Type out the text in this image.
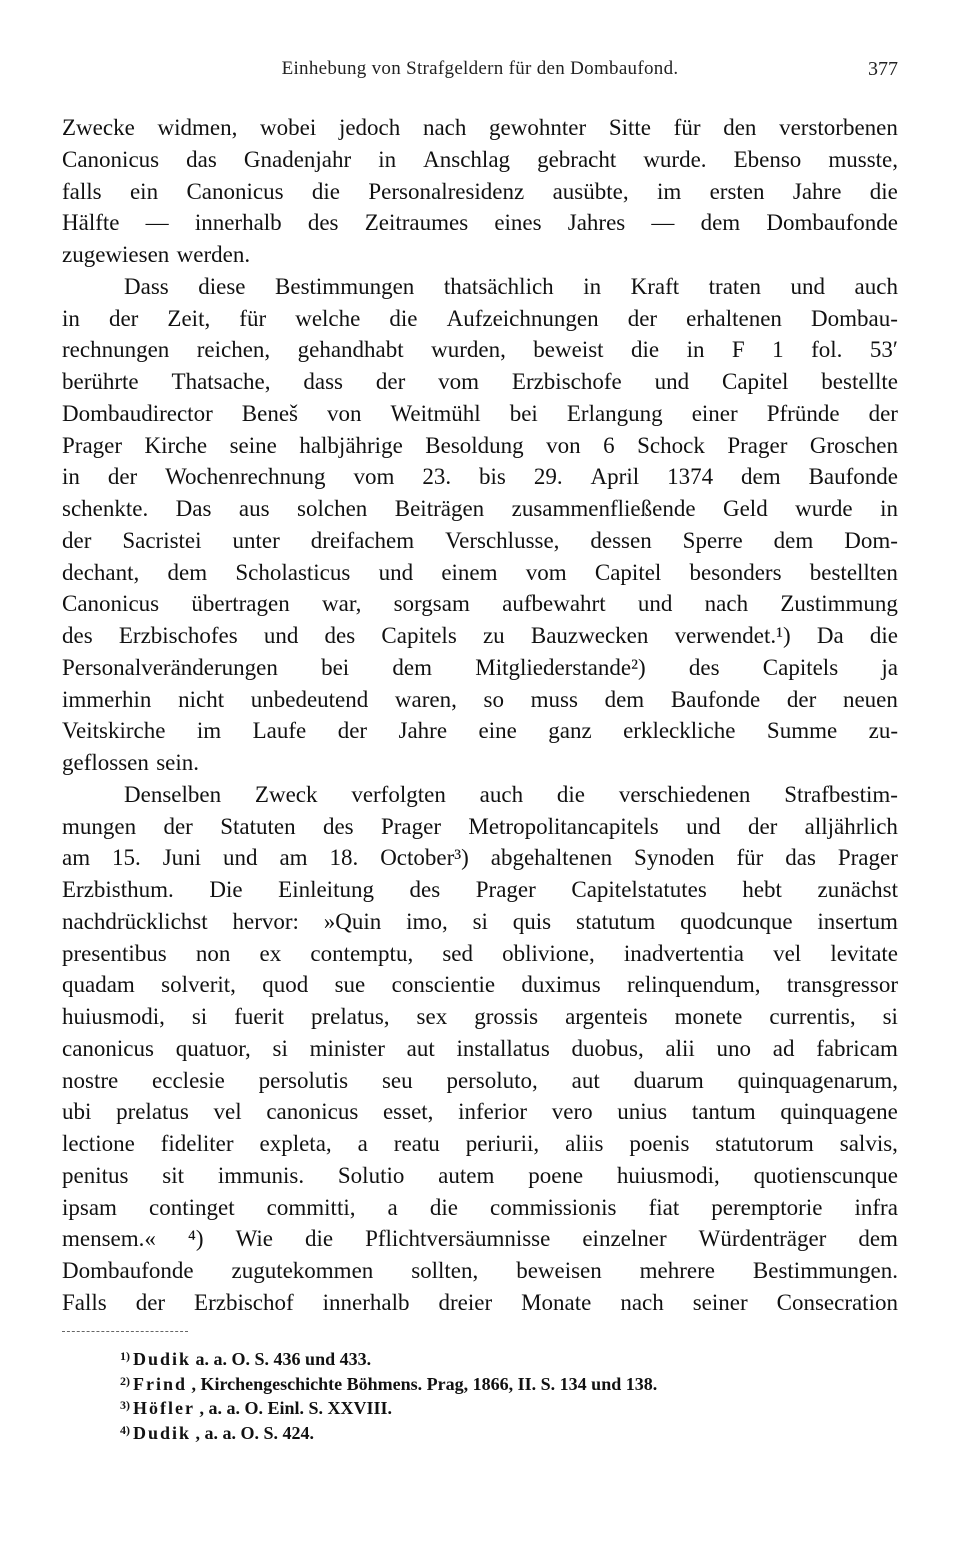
Einhebung von Strafgeldern für den Dombaufond.	377
Zwecke widmen, wobei jedoch nach gewohnter Sitte für den verstorbenen
Canonicus das Gnadenjahr in Anschlag gebracht wurde. Ebenso musste,
falls ein Canonicus die Personalresidenz ausübte, im ersten Jahre die
Hälfte — innerhalb des Zeitraumes eines Jahres — dem Dombaufonde
zugewiesen werden.
Dass diese Bestimmungen thatsächlich in Kraft traten und auch
in der Zeit, für welche die Aufzeichnungen der erhaltenen Dombau-
rechnungen reichen, gehandhabt wurden, beweist die in F 1 fol. 53′
berührte Thatsache, dass der vom Erzbischofe und Capitel bestellte
Dombaudirector Beneš von Weitmühl bei Erlangung einer Pfründe der
Prager Kirche seine halbjährige Besoldung von 6 Schock Prager Groschen
in der Wochenrechnung vom 23. bis 29. April 1374 dem Baufonde
schenkte. Das aus solchen Beiträgen zusammenfließende Geld wurde in
der Sacristei unter dreifachem Verschlusse, dessen Sperre dem Dom-
dechant, dem Scholasticus und einem vom Capitel besonders bestellten
Canonicus übertragen war, sorgsam aufbewahrt und nach Zustimmung
des Erzbischofes und des Capitels zu Bauzwecken verwendet.¹) Da die
Personalveränderungen bei dem Mitgliederstande²) des Capitels ja
immerhin nicht unbedeutend waren, so muss dem Baufonde der neuen
Veitskirche im Laufe der Jahre eine ganz erkleckliche Summe zu-
geflossen sein.
Denselben Zweck verfolgten auch die verschiedenen Strafbestim-
mungen der Statuten des Prager Metropolitancapitels und der alljährlich
am 15. Juni und am 18. October³) abgehaltenen Synoden für das Prager
Erzbisthum. Die Einleitung des Prager Capitelstatutes hebt zunächst
nachdrücklichst hervor: »Quin imo, si quis statutum quodcunque insertum
presentibus non ex contemptu, sed oblivione, inadvertentia vel levitate
quadam solverit, quod sue conscientie duximus relinquendum, transgressor
huiusmodi, si fuerit prelatus, sex grossis argenteis monete currentis, si
canonicus quatuor, si minister aut installatus duobus, alii uno ad fabricam
nostre ecclesie persolutis seu persoluto, aut duarum quinquagenarum,
ubi prelatus vel canonicus esset, inferior vero unius tantum quinquagene
lectione fideliter expleta, a reatu periurii, aliis poenis statutorum salvis,
penitus sit immunis. Solutio autem poene huiusmodi, quotienscunque
ipsam continget committi, a die commissionis fiat peremptorie infra
mensem.« ⁴) Wie die Pflichtversäumnisse einzelner Würdenträger dem
Dombaufonde zugutekommen sollten, beweisen mehrere Bestimmungen.
Falls der Erzbischof innerhalb dreier Monate nach seiner Consecration
$^{1)}$ Dudik a. a. O. S. 436 und 433.
$^{2)}$ Frind , Kirchengeschichte Böhmens. Prag, 1866, II. S. 134 und 138.
$^{3)}$ Höfler , a. a. O. Einl. S. XXVIII.
$^{4)}$ Dudik , a. a. O. S. 424.
